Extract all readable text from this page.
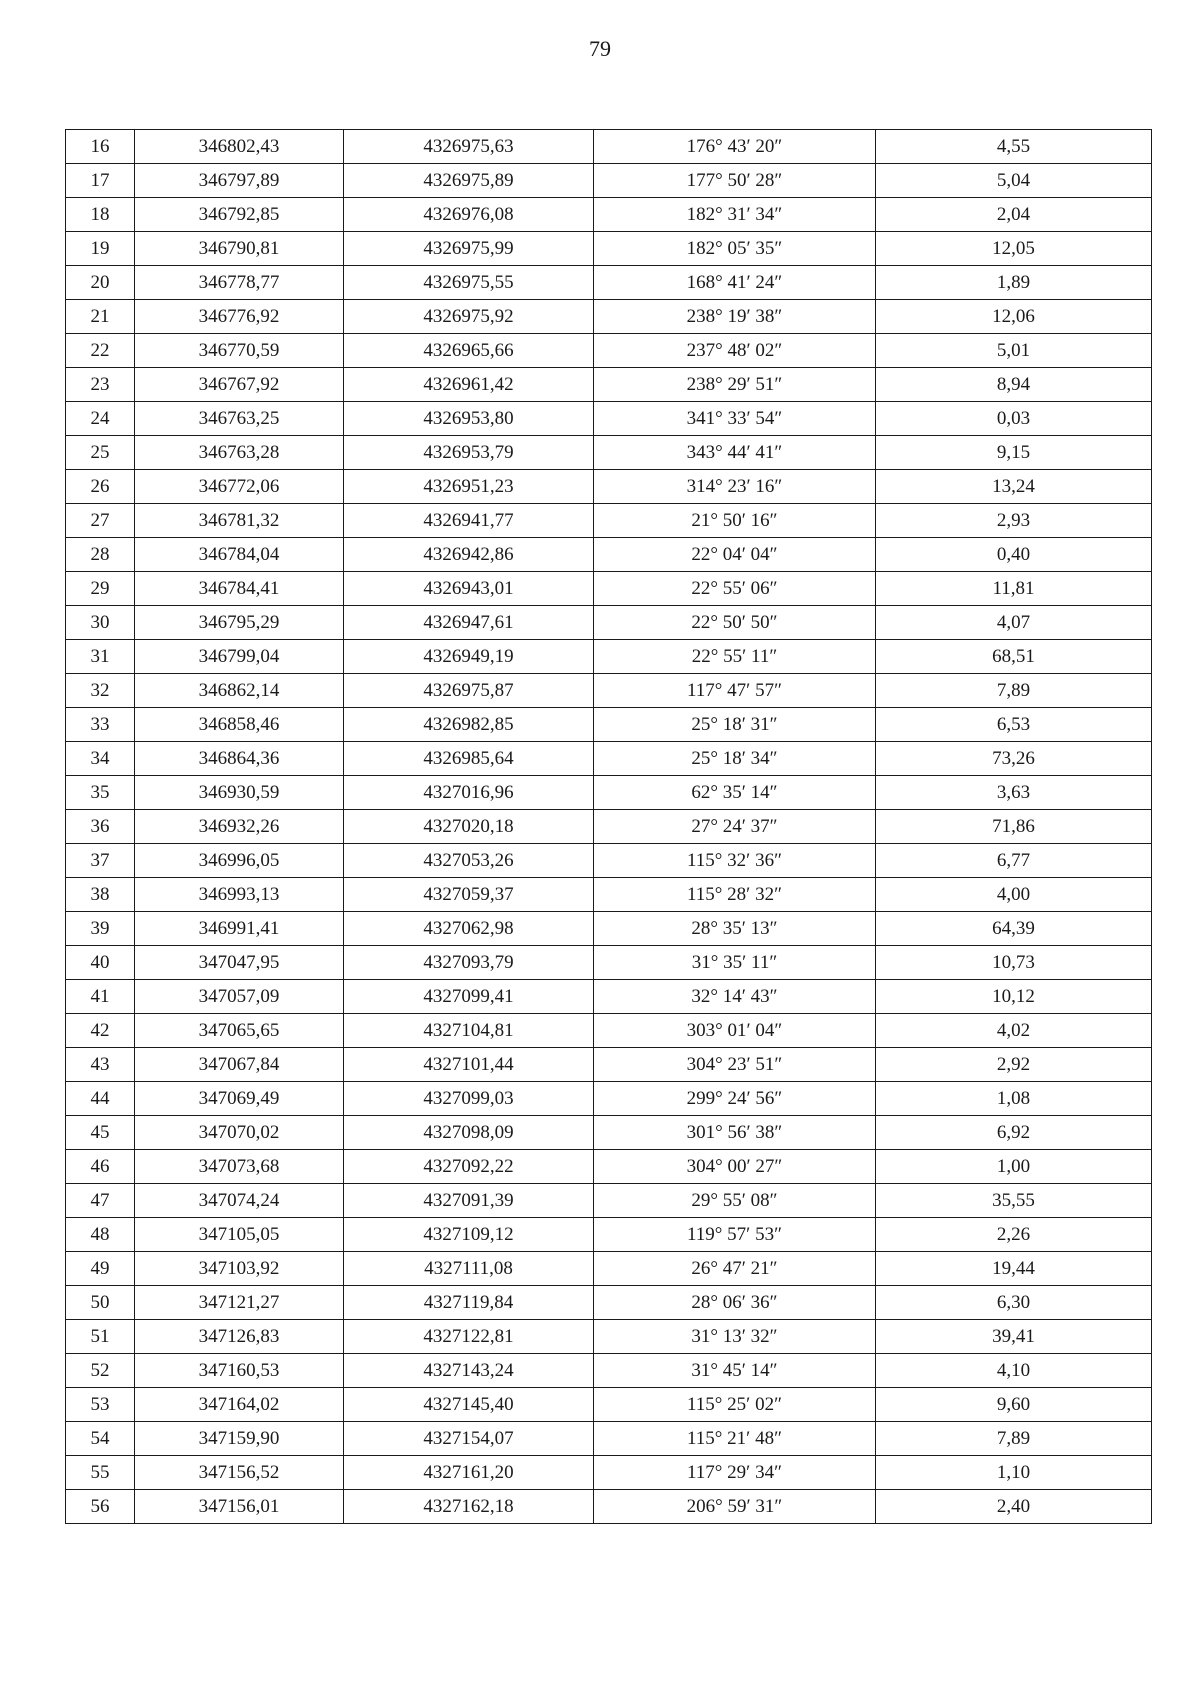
79
16	346802,43	4326975,63	176° 43′ 20″	4,55
17	346797,89	4326975,89	177° 50′ 28″	5,04
18	346792,85	4326976,08	182° 31′ 34″	2,04
19	346790,81	4326975,99	182° 05′ 35″	12,05
20	346778,77	4326975,55	168° 41′ 24″	1,89
21	346776,92	4326975,92	238° 19′ 38″	12,06
22	346770,59	4326965,66	237° 48′ 02″	5,01
23	346767,92	4326961,42	238° 29′ 51″	8,94
24	346763,25	4326953,80	341° 33′ 54″	0,03
25	346763,28	4326953,79	343° 44′ 41″	9,15
26	346772,06	4326951,23	314° 23′ 16″	13,24
27	346781,32	4326941,77	21° 50′ 16″	2,93
28	346784,04	4326942,86	22° 04′ 04″	0,40
29	346784,41	4326943,01	22° 55′ 06″	11,81
30	346795,29	4326947,61	22° 50′ 50″	4,07
31	346799,04	4326949,19	22° 55′ 11″	68,51
32	346862,14	4326975,87	117° 47′ 57″	7,89
33	346858,46	4326982,85	25° 18′ 31″	6,53
34	346864,36	4326985,64	25° 18′ 34″	73,26
35	346930,59	4327016,96	62° 35′ 14″	3,63
36	346932,26	4327020,18	27° 24′ 37″	71,86
37	346996,05	4327053,26	115° 32′ 36″	6,77
38	346993,13	4327059,37	115° 28′ 32″	4,00
39	346991,41	4327062,98	28° 35′ 13″	64,39
40	347047,95	4327093,79	31° 35′ 11″	10,73
41	347057,09	4327099,41	32° 14′ 43″	10,12
42	347065,65	4327104,81	303° 01′ 04″	4,02
43	347067,84	4327101,44	304° 23′ 51″	2,92
44	347069,49	4327099,03	299° 24′ 56″	1,08
45	347070,02	4327098,09	301° 56′ 38″	6,92
46	347073,68	4327092,22	304° 00′ 27″	1,00
47	347074,24	4327091,39	29° 55′ 08″	35,55
48	347105,05	4327109,12	119° 57′ 53″	2,26
49	347103,92	4327111,08	26° 47′ 21″	19,44
50	347121,27	4327119,84	28° 06′ 36″	6,30
51	347126,83	4327122,81	31° 13′ 32″	39,41
52	347160,53	4327143,24	31° 45′ 14″	4,10
53	347164,02	4327145,40	115° 25′ 02″	9,60
54	347159,90	4327154,07	115° 21′ 48″	7,89
55	347156,52	4327161,20	117° 29′ 34″	1,10
56	347156,01	4327162,18	206° 59′ 31″	2,40
